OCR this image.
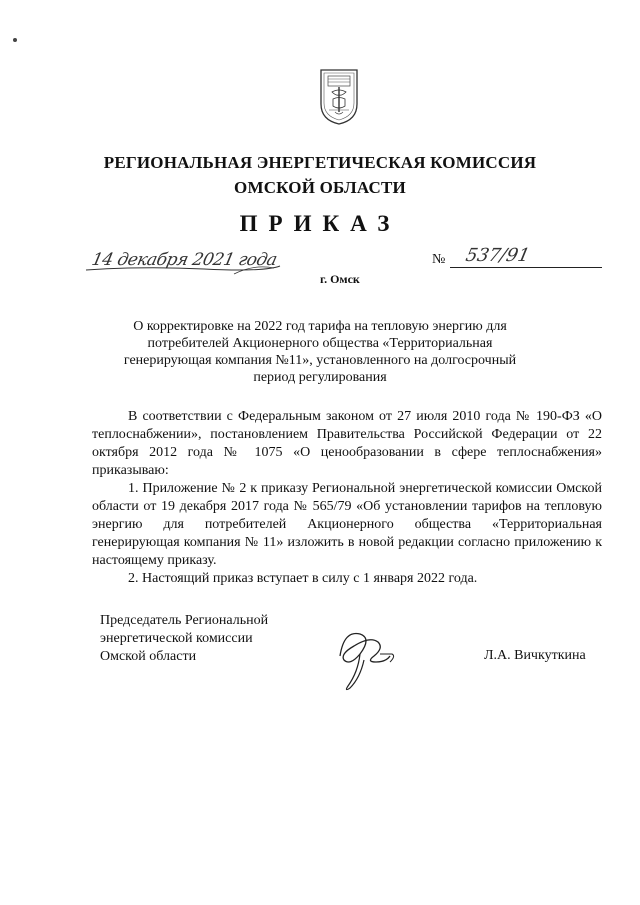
РЕГИОНАЛЬНАЯ ЭНЕРГЕТИЧЕСКАЯ КОМИССИЯ
ОМСКОЙ ОБЛАСТИ
ПРИКАЗ
14 декабря 2021 года
г. Омск
№ 537/91
О корректировке на 2022 год тарифа на тепловую энергию для
потребителей Акционерного общества «Территориальная
генерирующая компания №11», установленного на долгосрочный
период регулирования

В соответствии с Федеральным законом от 27 июля 2010 года № 190-ФЗ «О теплоснабжении», постановлением Правительства Российской Федерации от 22 октября 2012 года № 1075 «О ценообразовании в сфере теплоснабжения» приказываю:

1. Приложение № 2 к приказу Региональной энергетической комиссии Омской области от 19 декабря 2017 года № 565/79 «Об установлении тарифов на тепловую энергию для потребителей Акционерного общества «Территориальная генерирующая компания № 11» изложить в новой редакции согласно приложению к настоящему приказу.

2. Настоящий приказ вступает в силу с 1 января 2022 года.

Председатель Региональной
энергетической комиссии
Омской области	Л.А. Вичкуткина
